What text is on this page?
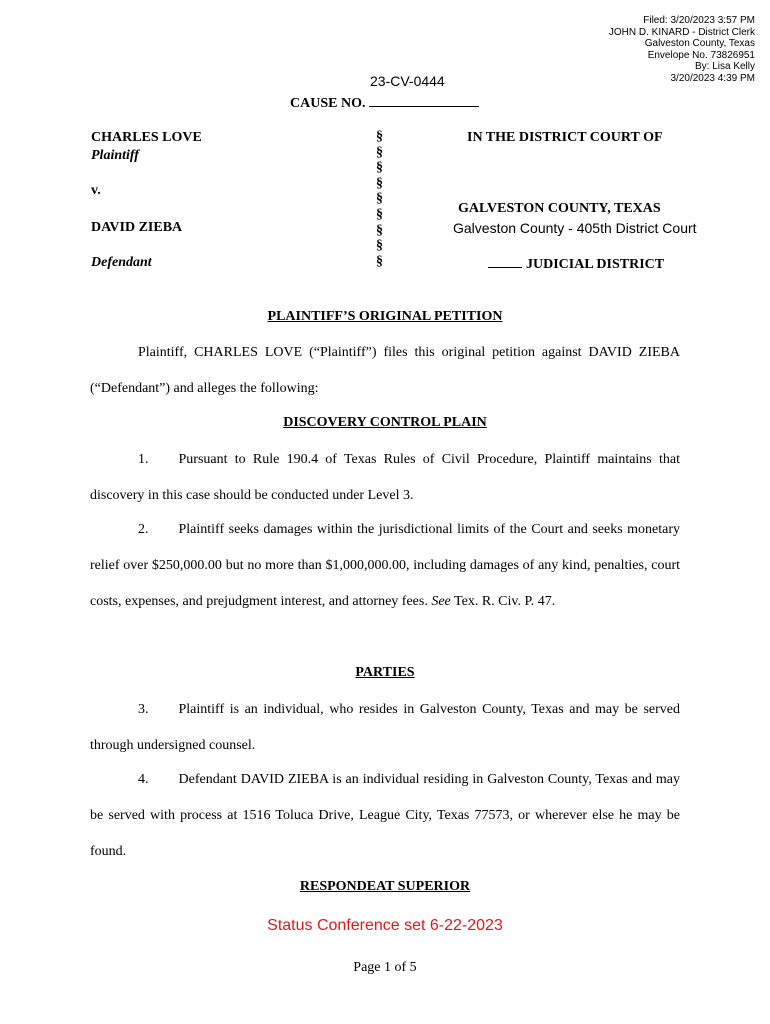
Filed: 3/20/2023 3:57 PM
JOHN D. KINARD - District Clerk
Galveston County, Texas
Envelope No. 73826951
By: Lisa Kelly
3/20/2023 4:39 PM
23-CV-0444
CAUSE NO.
CHARLES LOVE
Plaintiff
v.
DAVID ZIEBA
Defendant
§
§
§
§
§
§
§
§
§
IN THE DISTRICT COURT OF
GALVESTON COUNTY, TEXAS
Galveston County - 405th District Court
JUDICIAL DISTRICT
PLAINTIFF’S ORIGINAL PETITION

Plaintiff, CHARLES LOVE (“Plaintiff”) files this original petition against DAVID ZIEBA (“Defendant”) and alleges the following:

DISCOVERY CONTROL PLAIN

1. Pursuant to Rule 190.4 of Texas Rules of Civil Procedure, Plaintiff maintains that discovery in this case should be conducted under Level 3.

2. Plaintiff seeks damages within the jurisdictional limits of the Court and seeks monetary relief over $250,000.00 but no more than $1,000,000.00, including damages of any kind, penalties, court costs, expenses, and prejudgment interest, and attorney fees. See Tex. R. Civ. P. 47.

PARTIES

3. Plaintiff is an individual, who resides in Galveston County, Texas and may be served through undersigned counsel.

4. Defendant DAVID ZIEBA is an individual residing in Galveston County, Texas and may be served with process at 1516 Toluca Drive, League City, Texas 77573, or wherever else he may be found.

RESPONDEAT SUPERIOR
Status Conference set 6-22-2023
Page 1 of 5
